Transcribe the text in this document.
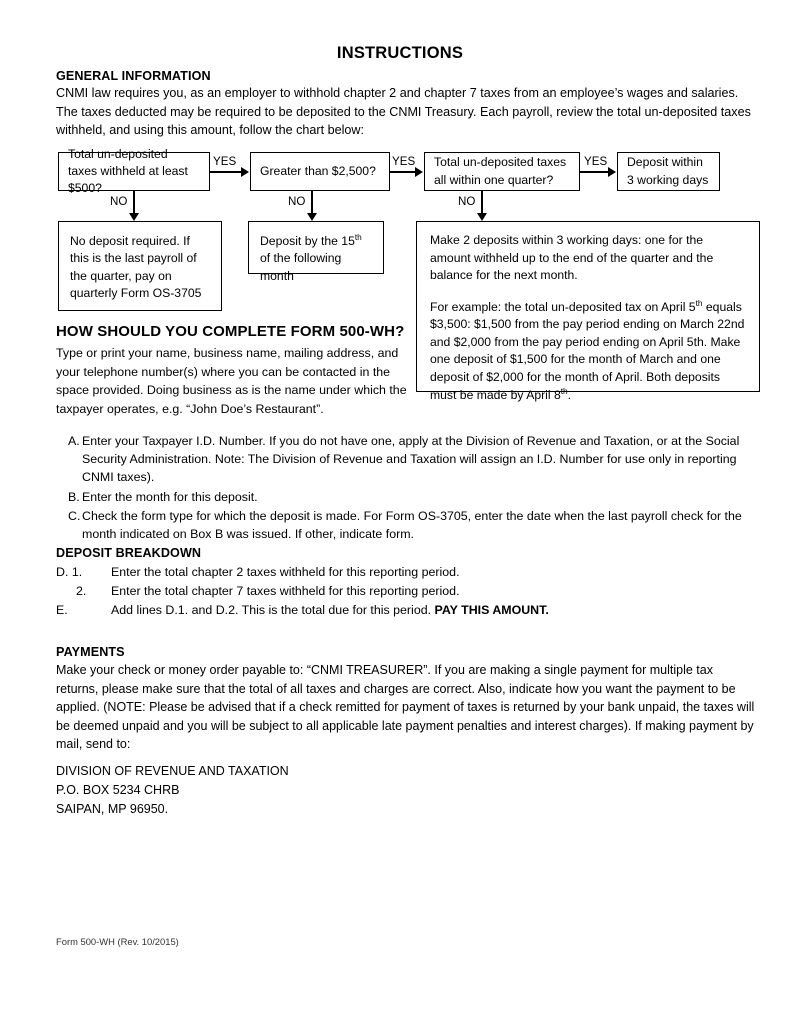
INSTRUCTIONS
GENERAL INFORMATION

CNMI law requires you, as an employer to withhold chapter 2 and chapter 7 taxes from an employee’s wages and salaries. The taxes deducted may be required to be deposited to the CNMI Treasury. Each payroll, review the total un-deposited taxes withheld, and using this amount, follow the chart below:

Total un-deposited taxes withheld at least $500?
Greater than $2,500?
Total un-deposited taxes all within one quarter?
Deposit within 3 working days
YES	YES	YES
NO	NO	NO
No deposit required. If this is the last payroll of the quarter, pay on quarterly Form OS-3705
Deposit by the 15th of the following month
Make 2 deposits within 3 working days: one for the amount withheld up to the end of the quarter and the balance for the next month.
For example: the total un-deposited tax on April 5th equals $3,500: $1,500 from the pay period ending on March 22nd and $2,000 from the pay period ending on April 5th. Make one deposit of $1,500 for the month of March and one deposit of $2,000 for the month of April. Both deposits must be made by April 8th.
HOW SHOULD YOU COMPLETE FORM 500-WH?

Type or print your name, business name, mailing address, and your telephone number(s) where you can be contacted in the space provided. Doing business as is the name under which the taxpayer operates, e.g. “John Doe’s Restaurant”.

A. Enter your Taxpayer I.D. Number. If you do not have one, apply at the Division of Revenue and Taxation, or at the Social Security Administration. Note: The Division of Revenue and Taxation will assign an I.D. Number for use only in reporting CNMI taxes).
B. Enter the month for this deposit.
C. Check the form type for which the deposit is made. For Form OS-3705, enter the date when the last payroll check for the month indicated on Box B was issued. If other, indicate form.
DEPOSIT BREAKDOWN
D. 1.	Enter the total chapter 2 taxes withheld for this reporting period.
2.	Enter the total chapter 7 taxes withheld for this reporting period.
E.	Add lines D.1. and D.2. This is the total due for this period. PAY THIS AMOUNT.
PAYMENTS

Make your check or money order payable to: “CNMI TREASURER”. If you are making a single payment for multiple tax returns, please make sure that the total of all taxes and charges are correct. Also, indicate how you want the payment to be applied. (NOTE: Please be advised that if a check remitted for payment of taxes is returned by your bank unpaid, the taxes will be deemed unpaid and you will be subject to all applicable late payment penalties and interest charges). If making payment by mail, send to:

DIVISION OF REVENUE AND TAXATION
P.O. BOX 5234 CHRB
SAIPAN, MP 96950.
Form 500-WH (Rev. 10/2015)
